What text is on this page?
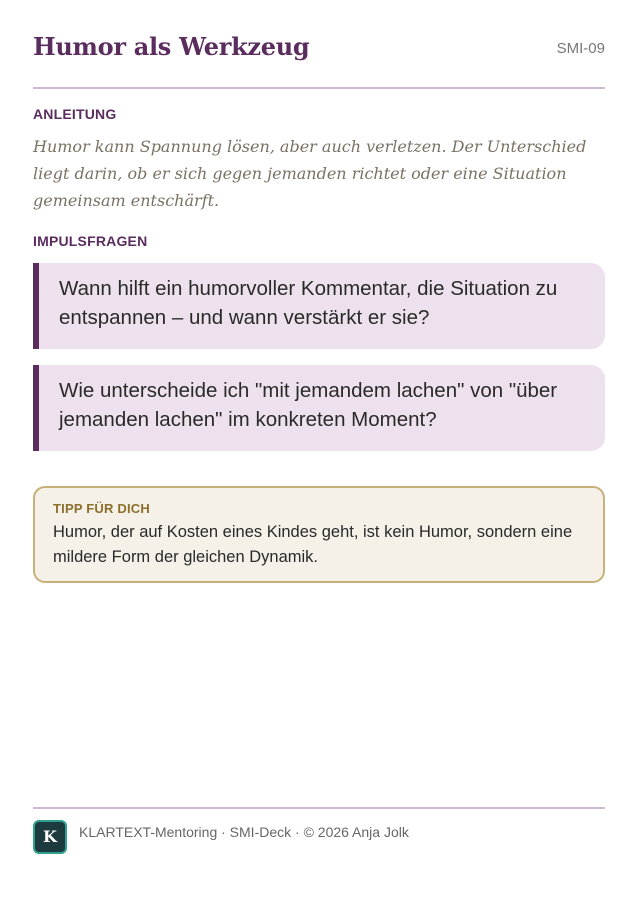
Humor als Werkzeug	SMI-09
ANLEITUNG
Humor kann Spannung lösen, aber auch verletzen. Der Unterschied liegt darin, ob er sich gegen jemanden richtet oder eine Situation gemeinsam entschärft.
IMPULSFRAGEN
Wann hilft ein humorvoller Kommentar, die Situation zu entspannen – und wann verstärkt er sie?
Wie unterscheide ich "mit jemandem lachen" von "über jemanden lachen" im konkreten Moment?
TIPP FÜR DICH
Humor, der auf Kosten eines Kindes geht, ist kein Humor, sondern eine mildere Form der gleichen Dynamik.
K	KLARTEXT-Mentoring · SMI-Deck · © 2026 Anja Jolk
